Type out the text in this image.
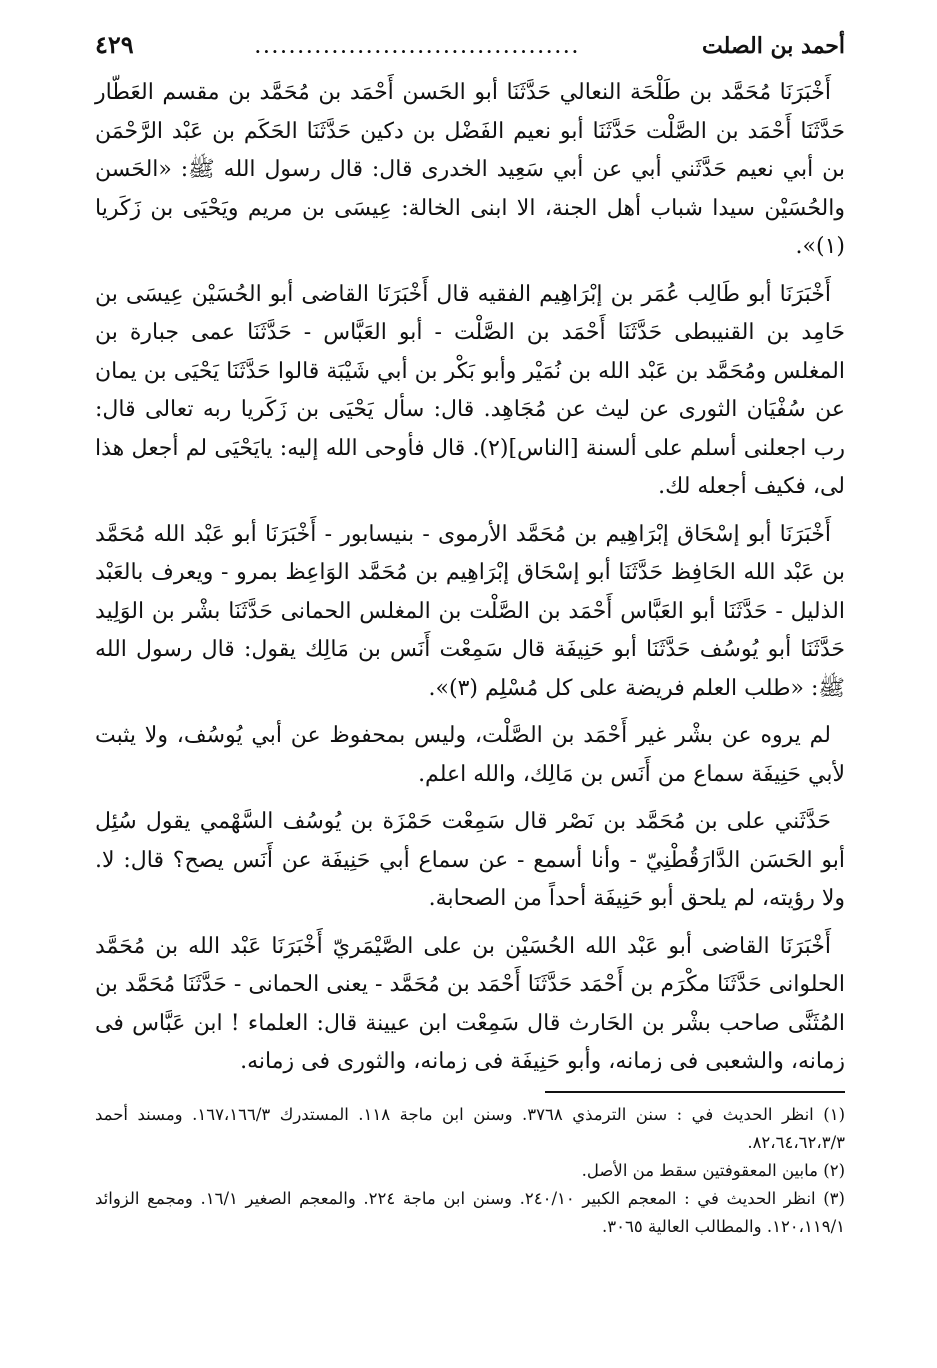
أحمد بن الصلت
......................................
٤٢٩

أَخْبَرَنَا مُحَمَّد بن طَلْحَة النعالي حَدَّثَنَا أبو الحَسن أَحْمَد بن مُحَمَّد بن مقسم العَطّار حَدَّثَنَا أَحْمَد بن الصَّلْت حَدَّثَنَا أبو نعيم الفَضْل بن دكين حَدَّثَنَا الحَكَم بن عَبْد الرَّحْمَن بن أبي نعيم حَدَّثَني أبي عن أبي سَعِيد الخدرى قال: قال رسول الله ﷺ: «الحَسن والحُسَيْن سيدا شباب أهل الجنة، الا ابنى الخالة: عِيسَى بن مريم ويَحْيَى بن زَكَريا (١)».

أَخْبَرَنَا أبو طَالِب عُمَر بن إبْرَاهِيم الفقيه قال أَخْبَرَنَا القاضى أبو الحُسَيْن عِيسَى بن حَامِد بن القنيبطى حَدَّثَنَا أَحْمَد بن الصَّلْت - أبو العَبَّاس - حَدَّثَنَا عمى جبارة بن المغلس ومُحَمَّد بن عَبْد الله بن نُمَيْر وأبو بَكْر بن أبي شَيْبَة قالوا حَدَّثَنَا يَحْيَى بن يمان عن سُفْيَان الثورى عن ليث عن مُجَاهِد. قال: سأل يَحْيَى بن زَكَريا ربه تعالى قال: رب اجعلنى أسلم على ألسنة [الناس](٢). قال فأوحى الله إليه: يايَحْيَى لم أجعل هذا لى، فكيف أجعله لك.

أَخْبَرَنَا أبو إسْحَاق إبْرَاهِيم بن مُحَمَّد الأرموى - بنيسابور - أَخْبَرَنَا أبو عَبْد الله مُحَمَّد بن عَبْد الله الحَافِظ حَدَّثَنَا أبو إسْحَاق إبْرَاهِيم بن مُحَمَّد الوَاعِظ بمرو - ويعرف بالعَبْد الذليل - حَدَّثَنَا أبو العَبَّاس أَحْمَد بن الصَّلْت بن المغلس الحمانى حَدَّثَنَا بشْر بن الوَلِيد حَدَّثَنَا أبو يُوسُف حَدَّثَنَا أبو حَنِيفَة قال سَمِعْت أَنَس بن مَالِك يقول: قال رسول الله ﷺ: «طلب العلم فريضة على كل مُسْلِم (٣)».

لم يروه عن بشْر غير أَحْمَد بن الصَّلْت، وليس بمحفوظ عن أبي يُوسُف، ولا يثبت لأبي حَنِيفَة سماع من أَنَس بن مَالِك، والله اعلم.

حَدَّثَني على بن مُحَمَّد بن نَصْر قال سَمِعْت حَمْزَة بن يُوسُف السَّهْمي يقول سُئِل أبو الحَسَن الدَّارَقُطْنِيّ - وأنا أسمع - عن سماع أبي حَنِيفَة عن أَنَس يصح؟ قال: لا. ولا رؤيته، لم يلحق أبو حَنِيفَة أحداً من الصحابة.

أَخْبَرَنَا القاضى أبو عَبْد الله الحُسَيْن بن على الصَّيْمَريّ أَخْبَرَنَا عَبْد الله بن مُحَمَّد الحلوانى حَدَّثَنَا مكْرَم بن أَحْمَد حَدَّثَنَا أَحْمَد بن مُحَمَّد - يعنى الحمانى - حَدَّثَنَا مُحَمَّد بن المُثَنَّى صاحب بشْر بن الحَارث قال سَمِعْت ابن عيينة قال: العلماء ! ابن عَبَّاس فى زمانه، والشعبى فى زمانه، وأبو حَنِيفَة فى زمانه، والثورى فى زمانه.

(١) انظر الحديث في : سنن الترمذي ٣٧٦٨. وسنن ابن ماجة ١١٨. المستدرك ١٦٧،١٦٦/٣. ومسند أحمد ٨٢،٦٤،٦٢،٣/٣.
(٢) مابين المعقوفتين سقط من الأصل.
(٣) انظر الحديث في : المعجم الكبير ٢٤٠/١٠. وسنن ابن ماجة ٢٢٤. والمعجم الصغير ١٦/١. ومجمع الزوائد ١٢٠،١١٩/١. والمطالب العالية ٣٠٦٥.
